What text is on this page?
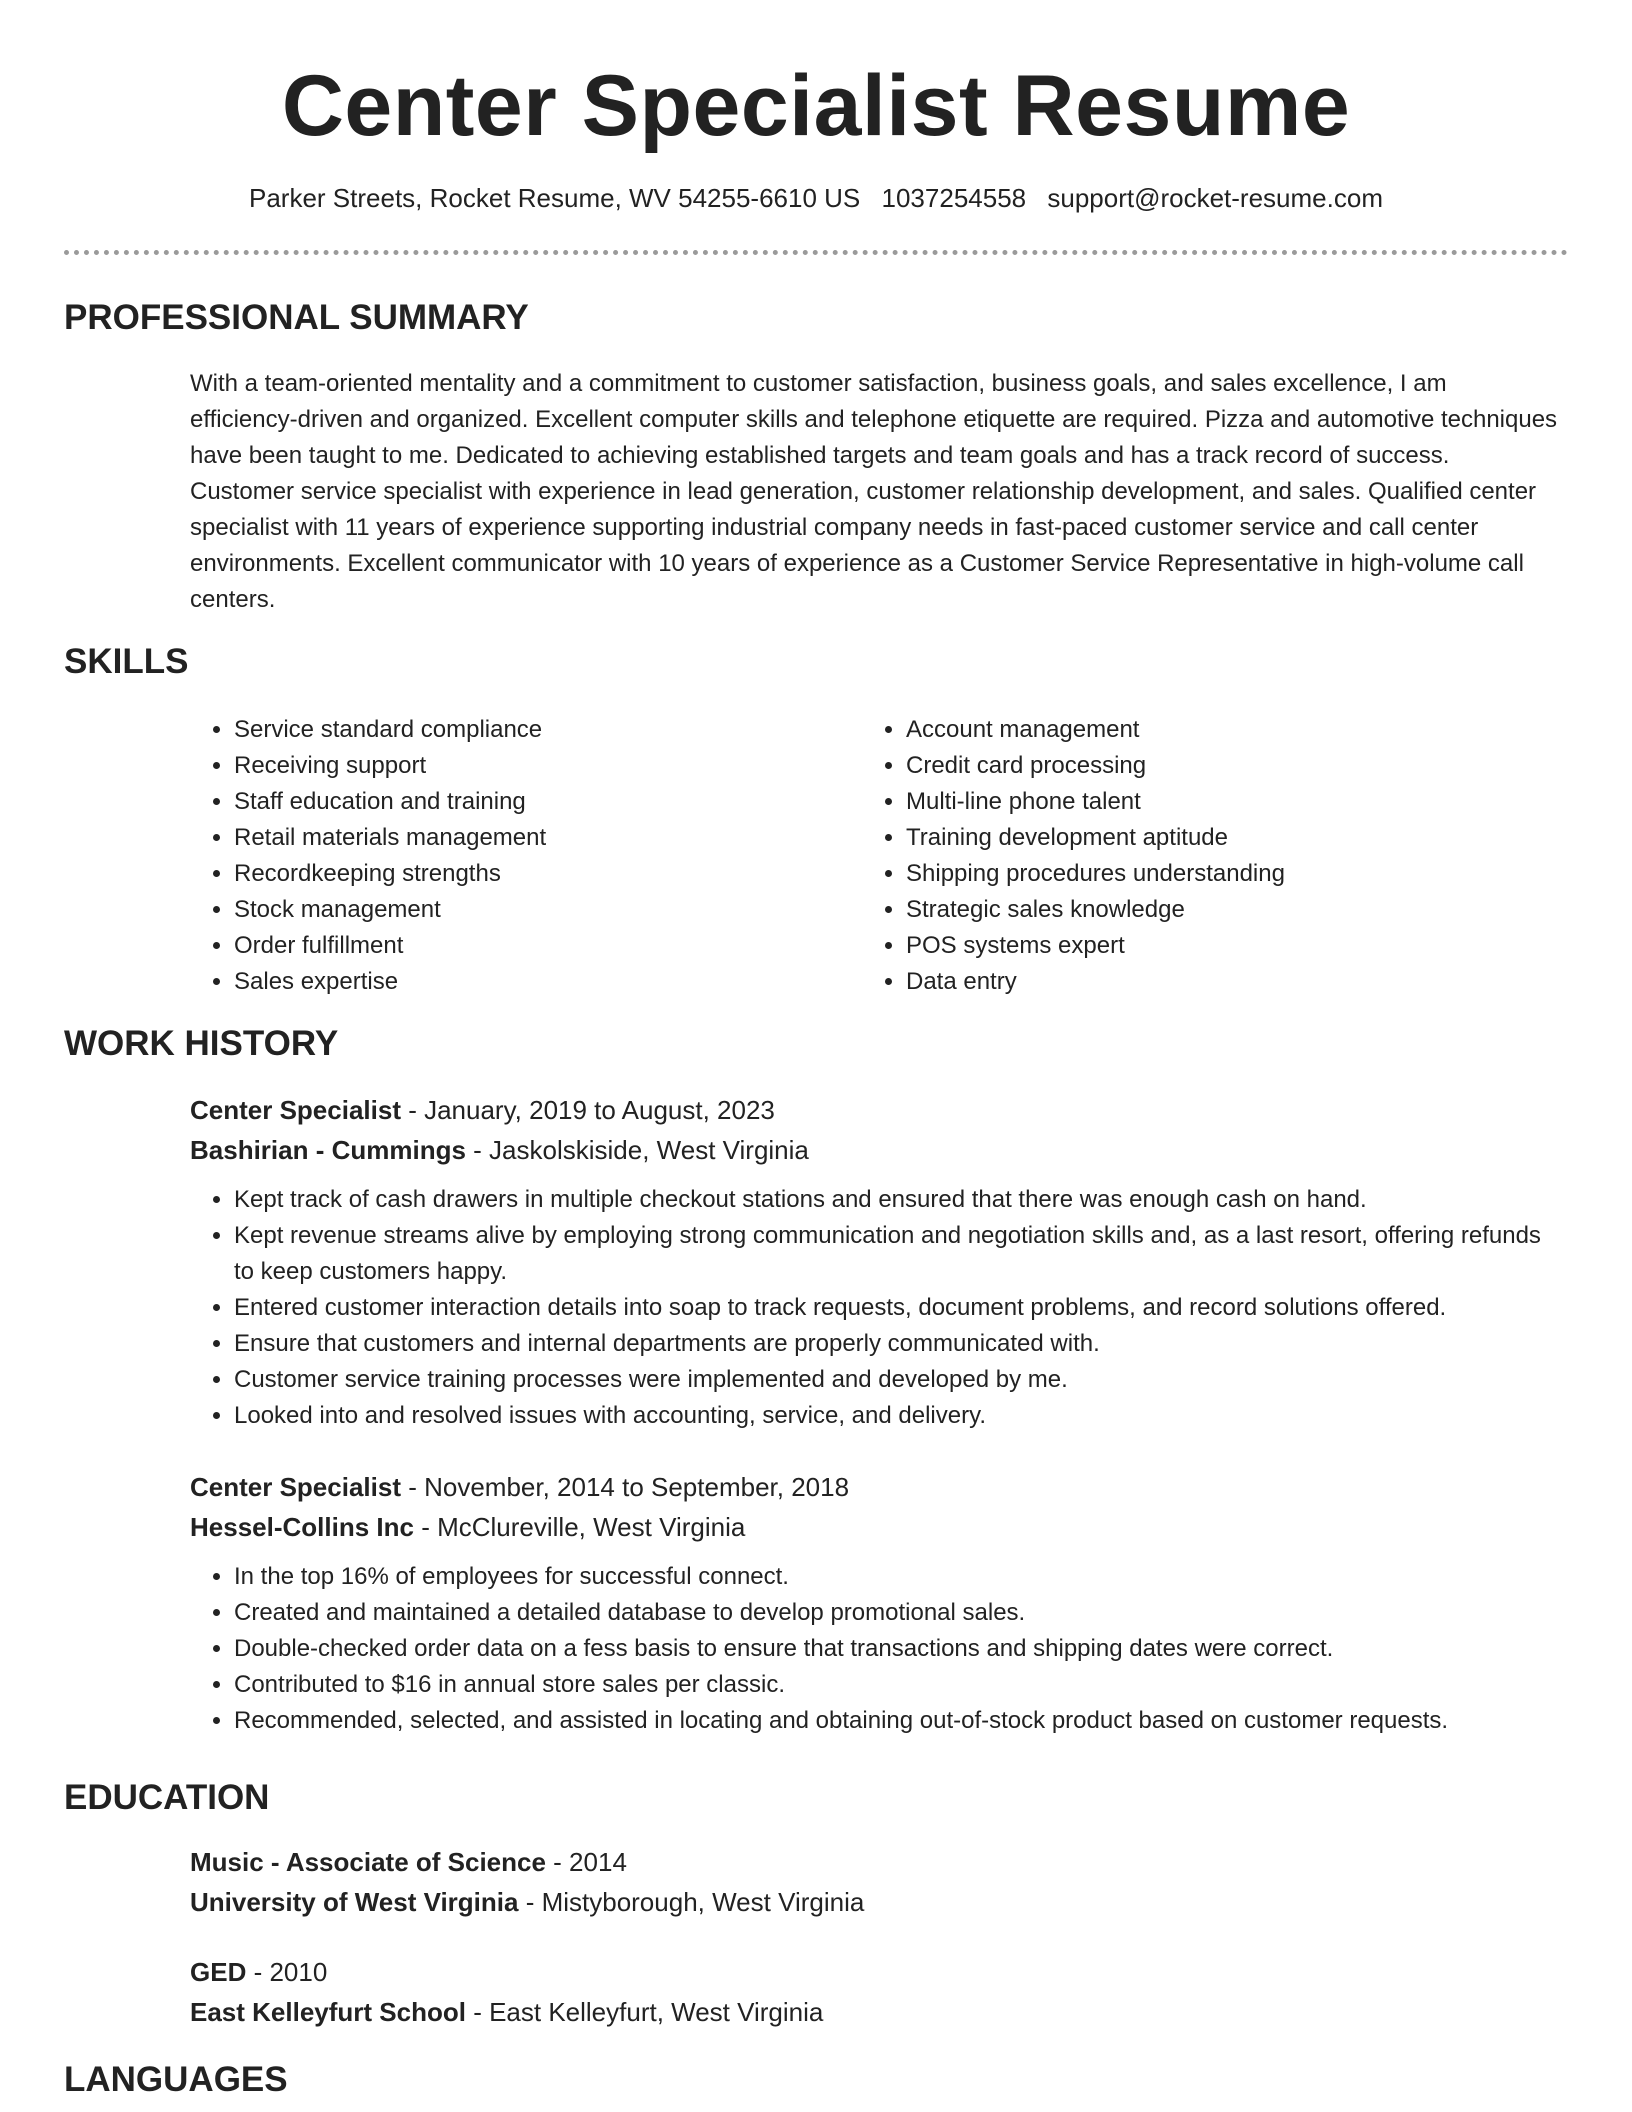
Center Specialist Resume
Parker Streets, Rocket Resume, WV 54255-6610 US 1037254558 support@rocket-resume.com
PROFESSIONAL SUMMARY

With a team-oriented mentality and a commitment to customer satisfaction, business goals, and sales excellence, I am efficiency-driven and organized. Excellent computer skills and telephone etiquette are required. Pizza and automotive techniques have been taught to me. Dedicated to achieving established targets and team goals and has a track record of success. Customer service specialist with experience in lead generation, customer relationship development, and sales. Qualified center specialist with 11 years of experience supporting industrial company needs in fast-paced customer service and call center environments. Excellent communicator with 10 years of experience as a Customer Service Representative in high-volume call centers.

SKILLS
• Service standard compliance
• Receiving support
• Staff education and training
• Retail materials management
• Recordkeeping strengths
• Stock management
• Order fulfillment
• Sales expertise
• Account management
• Credit card processing
• Multi-line phone talent
• Training development aptitude
• Shipping procedures understanding
• Strategic sales knowledge
• POS systems expert
• Data entry
WORK HISTORY

Center Specialist - January, 2019 to August, 2023

Bashirian - Cummings - Jaskolskiside, West Virginia

• Kept track of cash drawers in multiple checkout stations and ensured that there was enough cash on hand.
• Kept revenue streams alive by employing strong communication and negotiation skills and, as a last resort, offering refunds to keep customers happy.
• Entered customer interaction details into soap to track requests, document problems, and record solutions offered.
• Ensure that customers and internal departments are properly communicated with.
• Customer service training processes were implemented and developed by me.
• Looked into and resolved issues with accounting, service, and delivery.

Center Specialist - November, 2014 to September, 2018

Hessel-Collins Inc - McClureville, West Virginia

• In the top 16% of employees for successful connect.
• Created and maintained a detailed database to develop promotional sales.
• Double-checked order data on a fess basis to ensure that transactions and shipping dates were correct.
• Contributed to $16 in annual store sales per classic.
• Recommended, selected, and assisted in locating and obtaining out-of-stock product based on customer requests.
EDUCATION

Music - Associate of Science - 2014

University of West Virginia - Mistyborough, West Virginia

GED - 2010

East Kelleyfurt School - East Kelleyfurt, West Virginia

LANGUAGES
